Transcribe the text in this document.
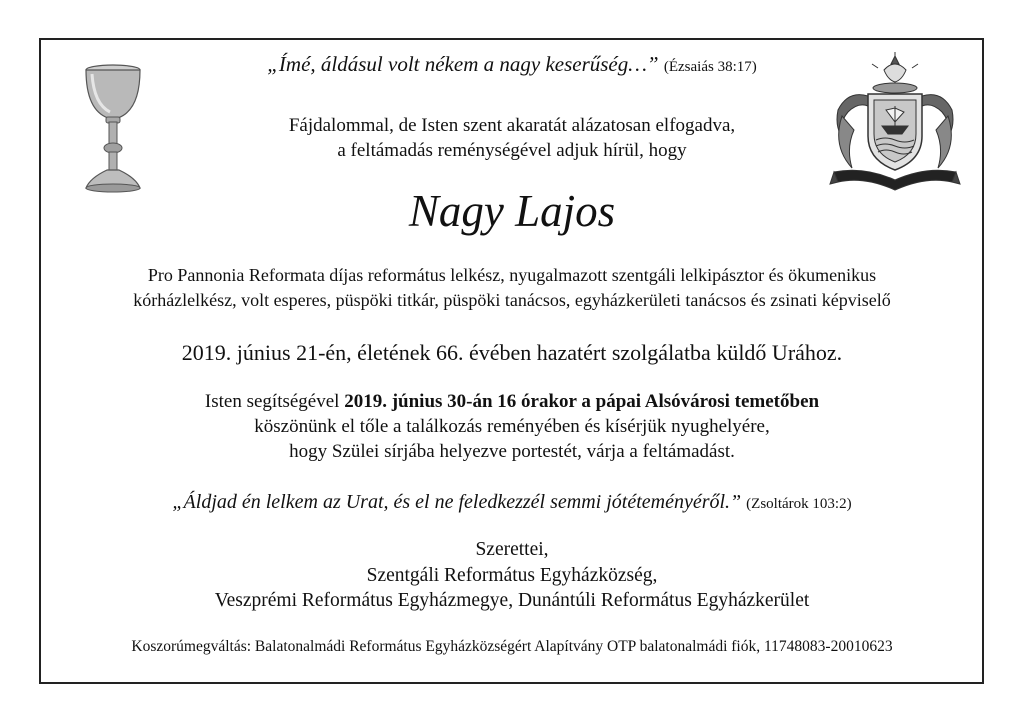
„Ímé, áldásul volt nékem a nagy keserűség…” (Ézsaiás 38:17)
Fájdalommal, de Isten szent akaratát alázatosan elfogadva,
a feltámadás reménységével adjuk hírül, hogy
Nagy Lajos
Pro Pannonia Reformata díjas református lelkész, nyugalmazott szentgáli lelkipásztor és ökumenikus
kórházlelkész, volt esperes, püspöki titkár, püspöki tanácsos, egyházkerületi tanácsos és zsinati képviselő
2019. június 21-én, életének 66. évében hazatért szolgálatba küldő Urához.
Isten segítségével 2019. június 30-án 16 órakor a pápai Alsóvárosi temetőben
köszönünk el tőle a találkozás reményében és kísérjük nyughelyére,
hogy Szülei sírjába helyezve portestét, várja a feltámadást.
„Áldjad én lelkem az Urat, és el ne feledkezzél semmi jótéteményéről.” (Zsoltárok 103:2)
Szerettei,
Szentgáli Református Egyházközség,
Veszprémi Református Egyházmegye, Dunántúli Református Egyházkerület
Koszorúmegváltás: Balatonalmádi Református Egyházközségért Alapítvány OTP balatonalmádi fiók, 11748083-20010623
